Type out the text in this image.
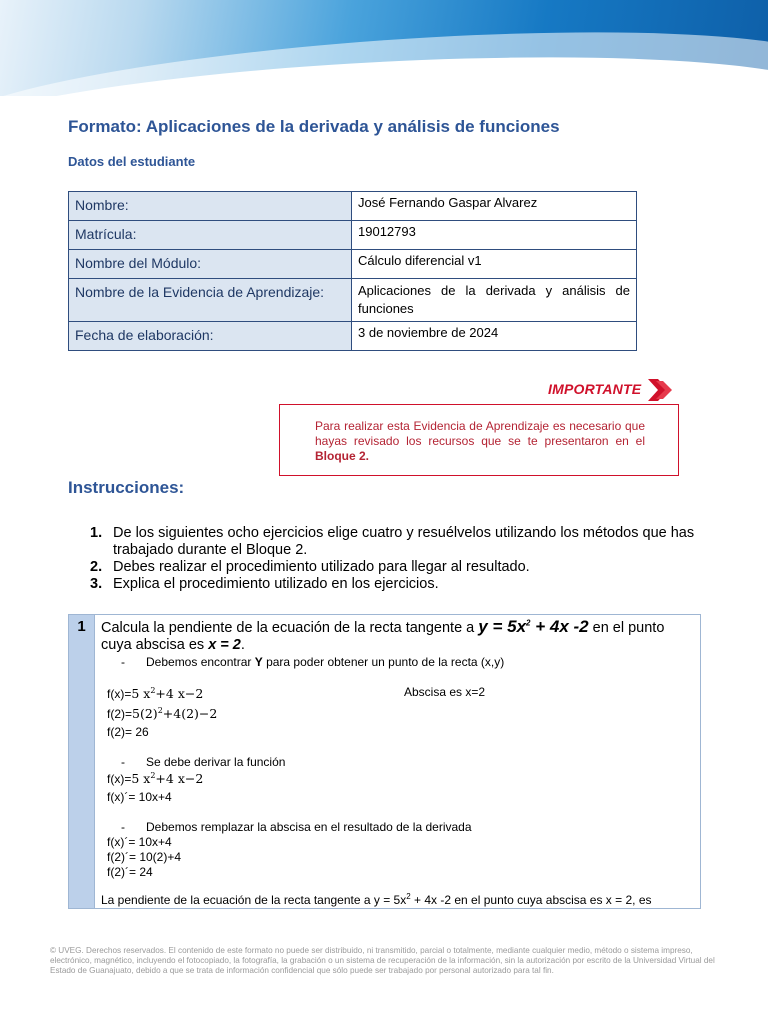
Formato: Aplicaciones de la derivada y análisis de funciones
Datos del estudiante
Nombre:	José Fernando Gaspar Alvarez
Matrícula:	19012793
Nombre del Módulo:	Cálculo diferencial v1
Nombre de la Evidencia de Aprendizaje:	Aplicaciones de la derivada y análisis de funciones
Fecha de elaboración:	3 de noviembre de 2024
IMPORTANTE
Para realizar esta Evidencia de Aprendizaje es necesario que hayas revisado los recursos que se te presentaron en el Bloque 2.
Instrucciones:
1. De los siguientes ocho ejercicios elige cuatro y resuélvelos utilizando los métodos que has trabajado durante el Bloque 2.
2. Debes realizar el procedimiento utilizado para llegar al resultado.
3. Explica el procedimiento utilizado en los ejercicios.
1	Calcula la pendiente de la ecuación de la recta tangente a $y = 5x^2 + 4x$ -2 en el punto cuya abscisa es x = 2.
- Debemos encontrar Y para poder obtener un punto de la recta (x,y)
f(x)=5 $x^2+4$ x−2	Abscisa es x=2
$f(2)=5(2)^2+4(2)-2$
f(2)= 26
- Se debe derivar la función
f(x)=5 $x^2+4$ x−2
f(x)´= 10x+4
- Debemos remplazar la abscisa en el resultado de la derivada
f(x)´= 10x+4
f(2)´= 10(2)+4
f(2)´= 24
La pendiente de la ecuación de la recta tangente a $y = 5x^2 + 4x$ -2 en el punto cuya abscisa es x = 2, es
© UVEG. Derechos reservados. El contenido de este formato no puede ser distribuido, ni transmitido, parcial o totalmente, mediante cualquier medio, método o sistema impreso, electrónico, magnético, incluyendo el fotocopiado, la fotografía, la grabación o un sistema de recuperación de la información, sin la autorización por escrito de la Universidad Virtual del Estado de Guanajuato, debido a que se trata de información confidencial que sólo puede ser trabajado por personal autorizado para tal fin.
